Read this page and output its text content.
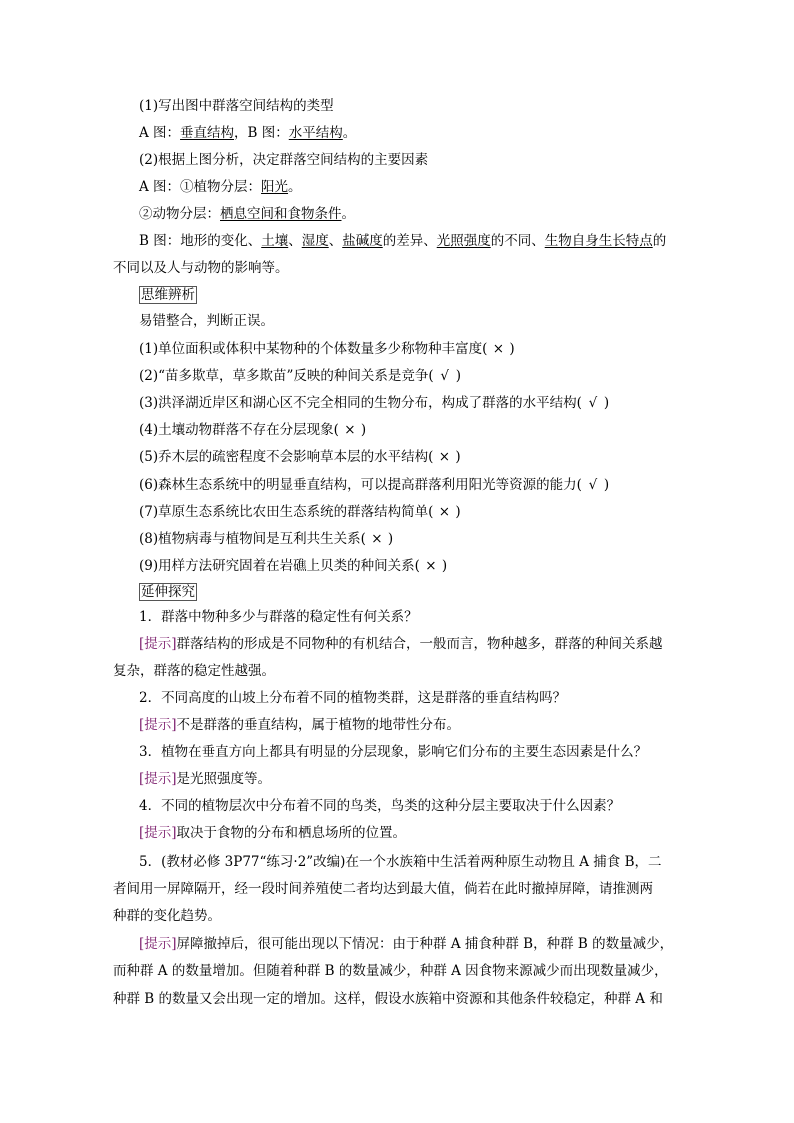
(1)写出图中群落空间结构的类型
A 图：垂直结构，B 图：水平结构。
(2)根据上图分析，决定群落空间结构的主要因素
A 图：①植物分层：阳光。
②动物分层：栖息空间和食物条件。
B 图：地形的变化、土壤、湿度、盐碱度的差异、光照强度的不同、生物自身生长特点的
不同以及人与动物的影响等。
思维辨析
易错整合，判断正误。
(1)单位面积或体积中某物种的个体数量多少称物种丰富度( × )
(2)“苗多欺草，草多欺苗”反映的种间关系是竞争( √ )
(3)洪泽湖近岸区和湖心区不完全相同的生物分布，构成了群落的水平结构( √ )
(4)土壤动物群落不存在分层现象( × )
(5)乔木层的疏密程度不会影响草本层的水平结构( × )
(6)森林生态系统中的明显垂直结构，可以提高群落利用阳光等资源的能力( √ )
(7)草原生态系统比农田生态系统的群落结构简单( × )
(8)植物病毒与植物间是互利共生关系( × )
(9)用样方法研究固着在岩礁上贝类的种间关系( × )
延伸探究
1．群落中物种多少与群落的稳定性有何关系？
[提示]群落结构的形成是不同物种的有机结合，一般而言，物种越多，群落的种间关系越
复杂，群落的稳定性越强。
2．不同高度的山坡上分布着不同的植物类群，这是群落的垂直结构吗？
[提示]不是群落的垂直结构，属于植物的地带性分布。
3．植物在垂直方向上都具有明显的分层现象，影响它们分布的主要生态因素是什么？
[提示]是光照强度等。
4．不同的植物层次中分布着不同的鸟类，鸟类的这种分层主要取决于什么因素？
[提示]取决于食物的分布和栖息场所的位置。
5．(教材必修 3P77“练习·2”改编)在一个水族箱中生活着两种原生动物且 A 捕食 B，二
者间用一屏障隔开，经一段时间养殖使二者均达到最大值，倘若在此时撤掉屏障，请推测两
种群的变化趋势。
[提示]屏障撤掉后，很可能出现以下情况：由于种群 A 捕食种群 B，种群 B 的数量减少，
而种群 A 的数量增加。但随着种群 B 的数量减少，种群 A 因食物来源减少而出现数量减少，
种群 B 的数量又会出现一定的增加。这样，假设水族箱中资源和其他条件较稳定，种群 A 和
